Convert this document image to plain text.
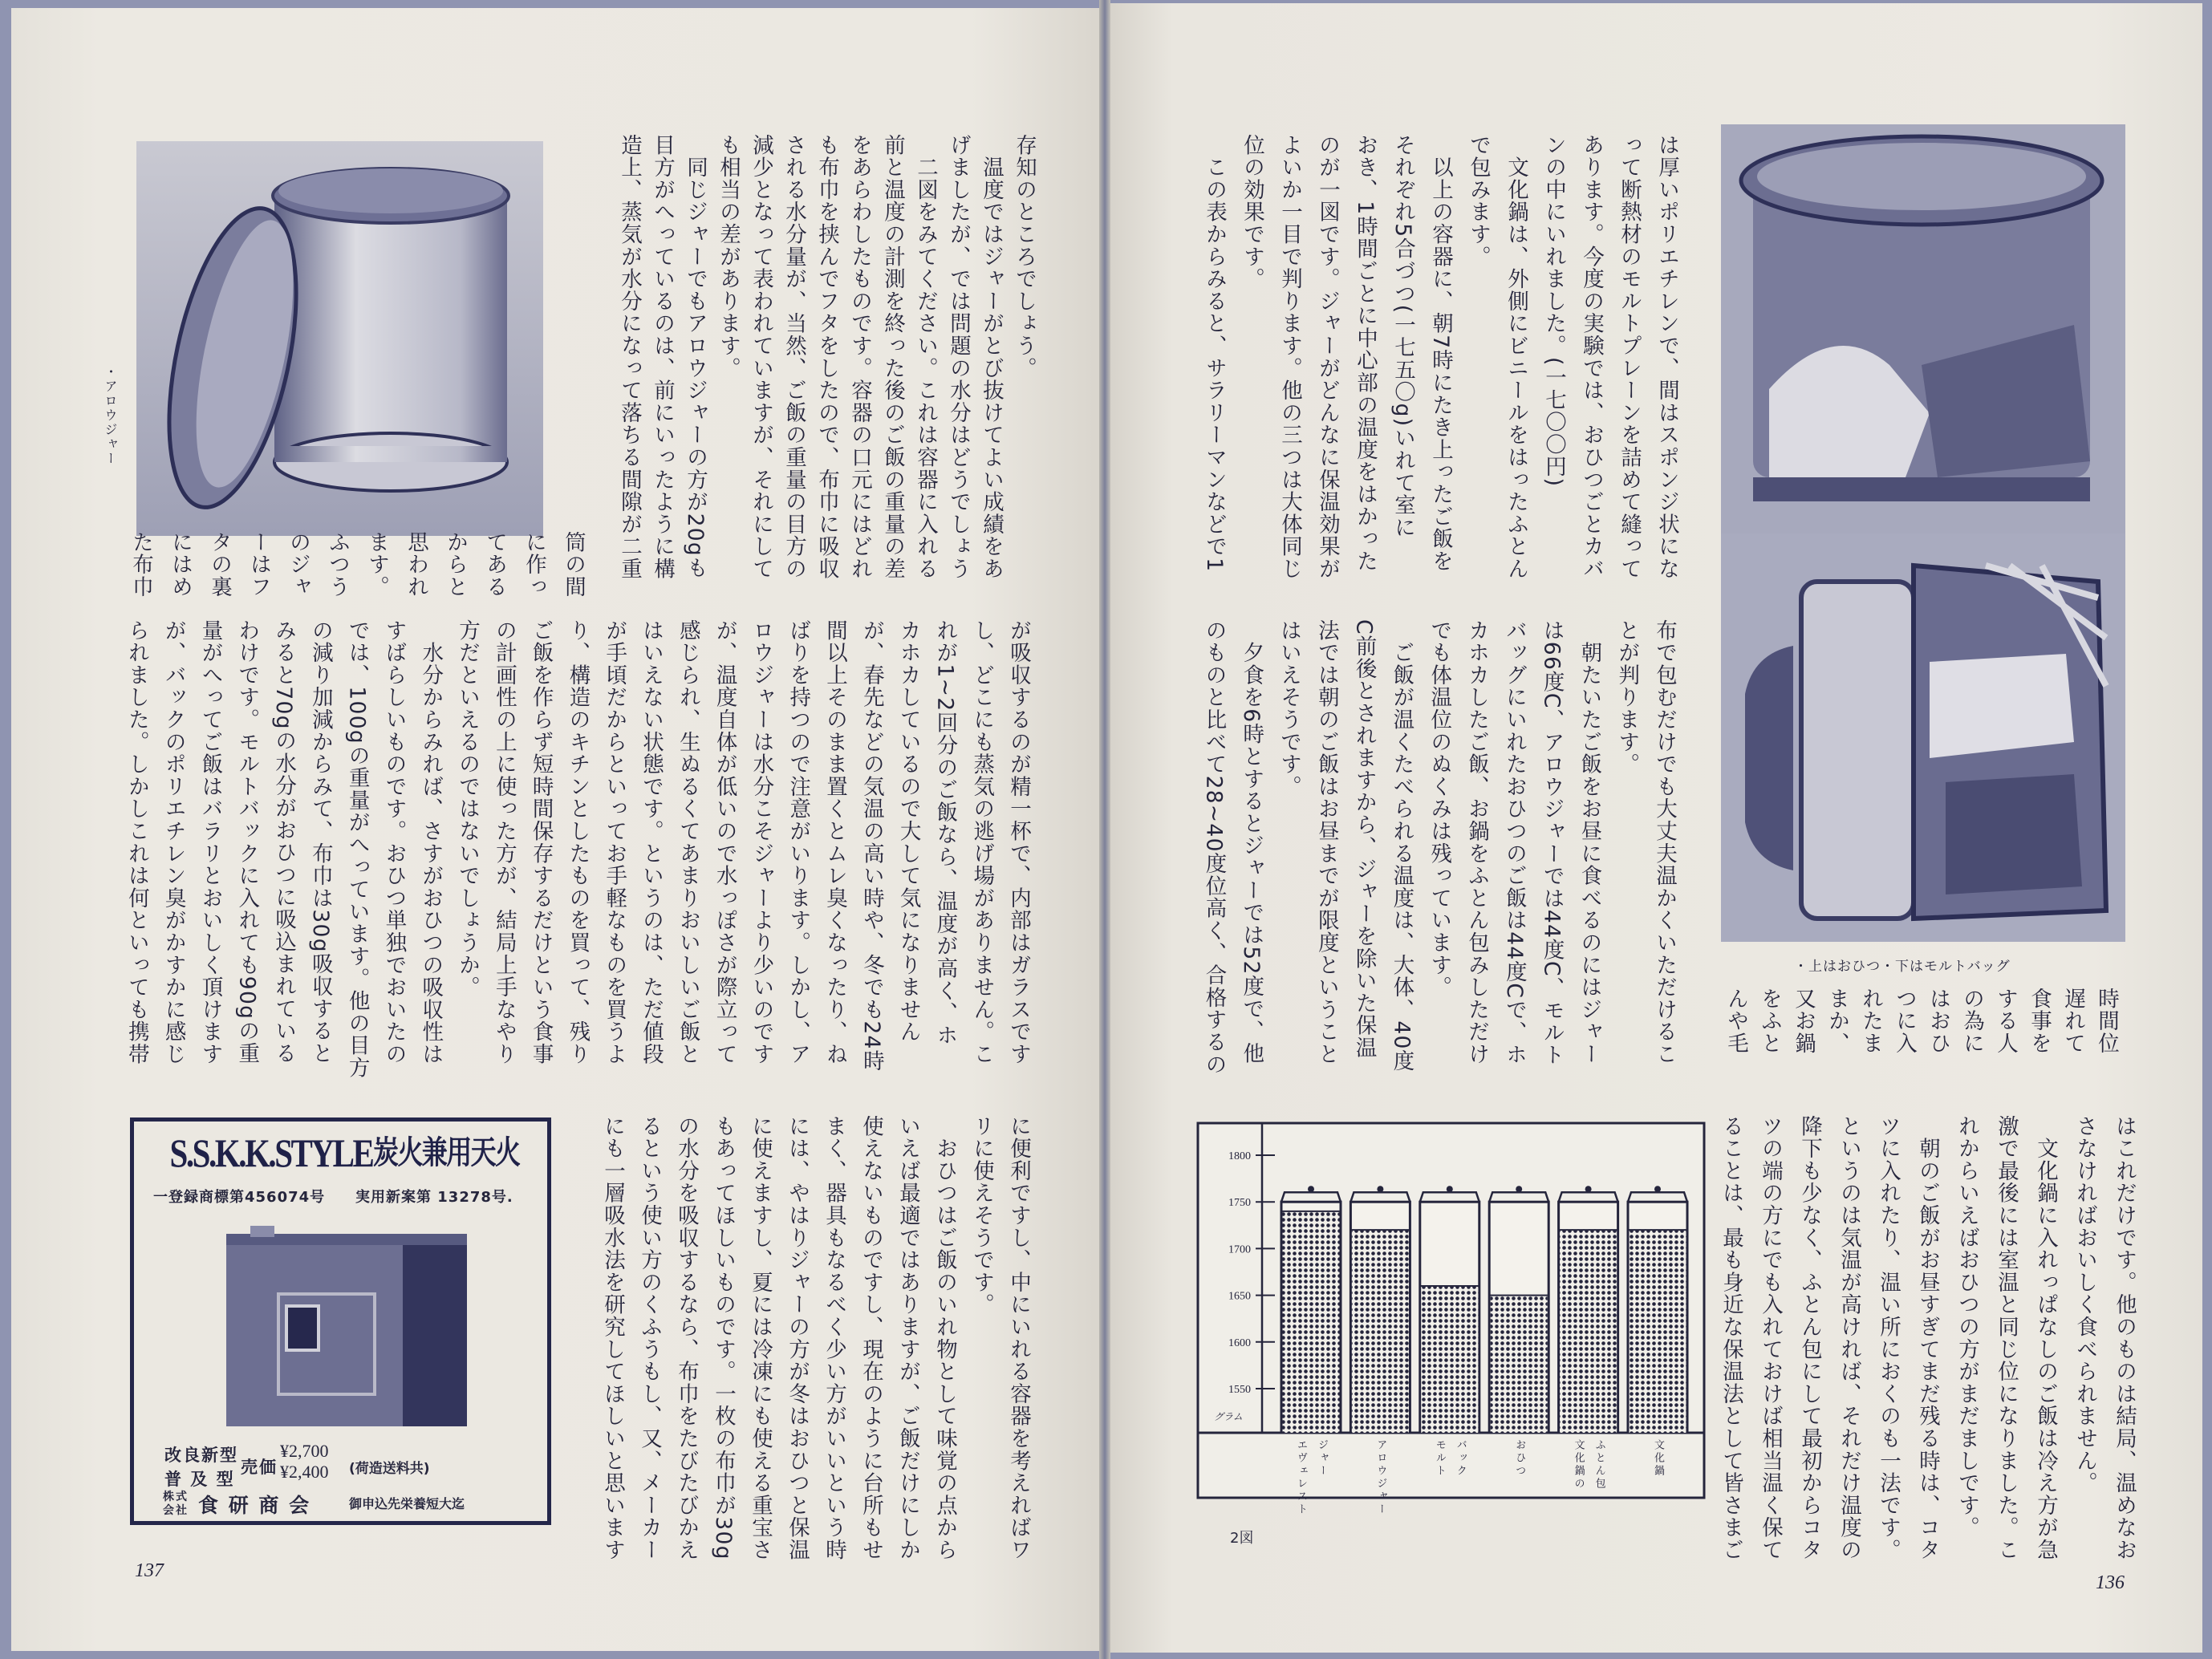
・アロウジャー
・上はおひつ・下はモルトバッグ
存知のところでしょう。
　温度ではジャーがとび抜けてよい成績をあ
げましたが、では問題の水分はどうでしょう
　二図をみてください。これは容器に入れる
前と温度の計測を終った後のご飯の重量の差
をあらわしたものです。容器の口元にはどれ
も布巾を挟んでフタをしたので、布巾に吸収
される水分量が、当然、ご飯の重量の目方の
減少となって表われていますが、それにして
も相当の差があります。
　同じジャーでもアロウジャーの方が20gも
目方がへっているのは、前にいったように構
造上、蒸気が水分になって落ちる間隙が二重
筒の間
に作っ
てある
からと
思われ
ます。
ふつう
のジャ
ーはフ
タの裏
にはめ
た布巾
が吸収するのが精一杯で、内部はガラスです
し、どこにも蒸気の逃げ場がありません。こ
れが1~2回分のご飯なら、温度が高く、ホ
カホカしているので大して気になりません
が、春先などの気温の高い時や、冬でも24時
間以上そのまま置くとムレ臭くなったり、ね
ばりを持つので注意がいります。しかし、ア
ロウジャーは水分こそジャーより少いのです
が、温度自体が低いので水っぽさが際立って
感じられ、生ぬるくてあまりおいしいご飯と
はいえない状態です。というのは、ただ値段
が手頃だからといってお手軽なものを買うよ
り、構造のキチンとしたものを買って、残り
ご飯を作らず短時間保存するだけという食事
の計画性の上に使った方が、結局上手なやり
方だといえるのではないでしょうか。
　水分からみれば、さすがおひつの吸収性は
すばらしいものです。おひつ単独でおいたの
では、100gの重量がへっています。他の目方
の減り加減からみて、布巾は30g吸収すると
みると70gの水分がおひつに吸込まれている
わけです。モルトバックに入れても90gの重
量がへってご飯はバラリとおいしく頂けます
が、バックのポリエチレン臭がかすかに感じ
られました。しかしこれは何といっても携帯
に便利ですし、中にいれる容器を考えればワ
リに使えそうです。
　おひつはご飯のいれ物として味覚の点から
いえば最適ではありますが、ご飯だけにしか
使えないものですし、現在のように台所もせ
まく、器具もなるべく少い方がいいという時
には、やはりジャーの方が冬はおひつと保温
に使えますし、夏には冷凍にも使える重宝さ
もあってほしいものです。一枚の布巾が30g
の水分を吸収するなら、布巾をたびたびかえ
るという使い方のくふうもし、又、メーカー
にも一層吸水法を研究してほしいと思います
は厚いポリエチレンで、間はスポンジ状にな
って断熱材のモルトプレーンを詰めて縫って
あります。今度の実験では、おひつごとカバ
ンの中にいれました。(一七〇〇円)
　文化鍋は、外側にビニールをはったふとん
で包みます。
　以上の容器に、朝7時にたき上ったご飯を
それぞれ5合づつ(一七五〇g)いれて室に
おき、1時間ごとに中心部の温度をはかった
のが一図です。ジャーがどんなに保温効果が
よいか一目で判ります。他の三つは大体同じ
位の効果です。
　この表からみると、サラリーマンなどで1
時間位
遅れて
食事を
する人
の為に
はおひ
つに入
れたま
まか、
又お鍋
をふと
んや毛
布で包むだけでも大丈夫温かくいただけるこ
とが判ります。
　朝たいたご飯をお昼に食べるのにはジャー
は66度C、アロウジャーでは44度C、モルト
バッグにいれたおひつのご飯は44度Cで、ホ
カホカしたご飯、お鍋をふとん包みしただけ
でも体温位のぬくみは残っています。
　ご飯が温くたべられる温度は、大体、40度
C前後とされますから、ジャーを除いた保温
法では朝のご飯はお昼までが限度ということ
はいえそうです。
　夕食を6時とするとジャーでは52度で、他
のものと比べて28~40度位高く、合格するの
はこれだけです。他のものは結局、温めなお
さなければおいしく食べられません。
　文化鍋に入れっぱなしのご飯は冷え方が急
激で最後には室温と同じ位になりました。こ
れからいえばおひつの方がまだましです。
　朝のご飯がお昼すぎてまだ残る時は、コタ
ツに入れたり、温い所におくのも一法です。
というのは気温が高ければ、それだけ温度の
降下も少なく、ふとん包にして最初からコタ
ツの端の方にでも入れておけば相当温く保て
ることは、最も身近な保温法として皆さまご
S.S.K.K.STYLE炭火兼用天火
一登録商標第456074号 実用新案第 13278号.
改良新型
普 及 型
売価
¥2,700
¥2,400 (荷造送料共)
株式
会社 食 研 商 会	御申込先栄養短大迄
1550
1600
1650
1700
1750
1800
グラム
ジャー
エヴェレスト	アロウジャー	バック
モルト	おひつ	ふとん包
文化鍋の	文化鍋
2図
137
136
